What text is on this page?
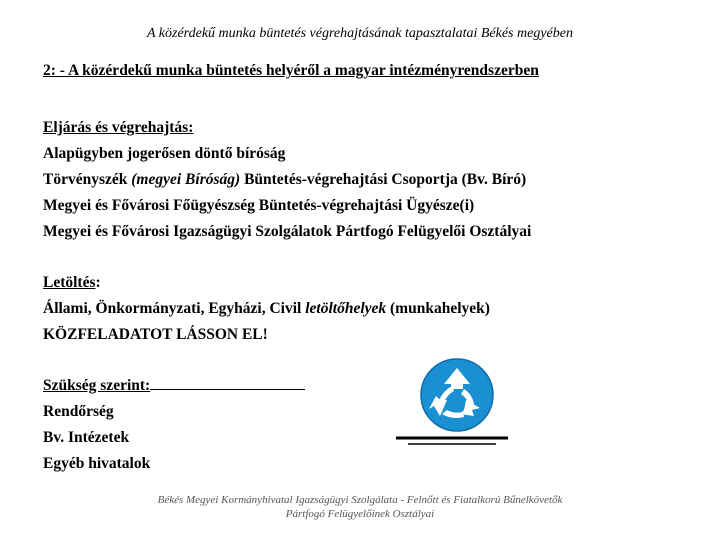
A közérdekű munka büntetés végrehajtásának tapasztalatai Békés megyében
2: - A közérdekű munka büntetés helyéről a magyar intézményrendszerben
Eljárás és végrehajtás:
Alapügyben jogerősen döntő bíróság
Törvényszék (megyei Bíróság) Büntetés-végrehajtási Csoportja (Bv. Bíró)
Megyei és Fővárosi Főügyészség Büntetés-végrehajtási Ügyésze(i)
Megyei és Fővárosi Igazságügyi Szolgálatok Pártfogó Felügyelői Osztályai
Letöltés:
Állami, Önkormányzati, Egyházi, Civil letöltőhelyek (munkahelyek)
KÖZFELADATOT LÁSSON EL!
Szükség szerint:
Rendőrség
Bv. Intézetek
Egyéb hivatalok
Békés Megyei Kormányhivatal Igazságügyi Szolgálata - Felnőtt és Fiatalkorú Bűnelkövetők
Pártfogó Felügyelőinek Osztályai
